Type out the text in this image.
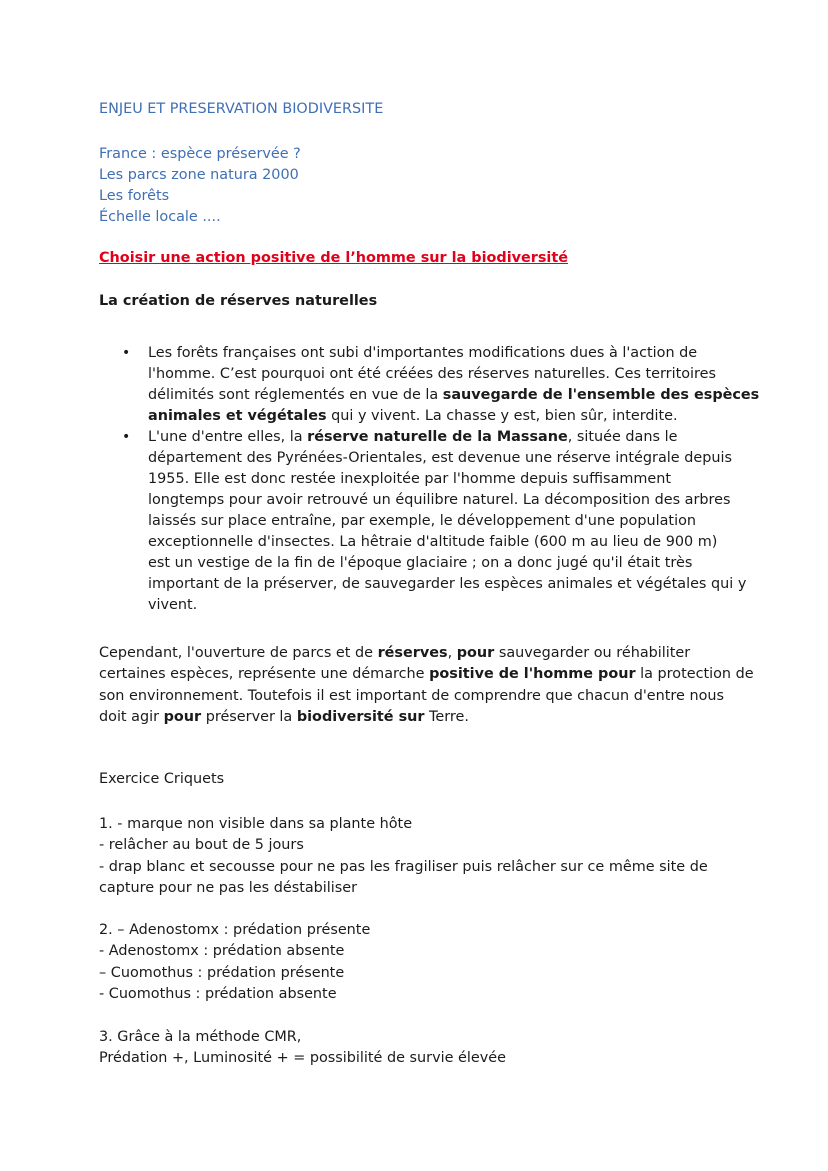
ENJEU ET PRESERVATION BIODIVERSITE
France : espèce préservée ?
Les parcs zone natura 2000
Les forêts
Échelle locale ....
Choisir une action positive de l’homme sur la biodiversité
La création de réserves naturelles
• Les forêts françaises ont subi d'importantes modifications dues à l'action de
l'homme. C’est pourquoi ont été créées des réserves naturelles. Ces territoires
délimités sont réglementés en vue de la sauvegarde de l'ensemble des espèces
animales et végétales qui y vivent. La chasse y est, bien sûr, interdite.
• L'une d'entre elles, la réserve naturelle de la Massane, située dans le
département des Pyrénées-Orientales, est devenue une réserve intégrale depuis
1955. Elle est donc restée inexploitée par l'homme depuis suffisamment
longtemps pour avoir retrouvé un équilibre naturel. La décomposition des arbres
laissés sur place entraîne, par exemple, le développement d'une population
exceptionnelle d'insectes. La hêtraie d'altitude faible (600 m au lieu de 900 m)
est un vestige de la fin de l'époque glaciaire ; on a donc jugé qu'il était très
important de la préserver, de sauvegarder les espèces animales et végétales qui y
vivent.
Cependant, l'ouverture de parcs et de réserves, pour sauvegarder ou réhabiliter
certaines espèces, représente une démarche positive de l'homme pour la protection de
son environnement. Toutefois il est important de comprendre que chacun d'entre nous
doit agir pour préserver la biodiversité sur Terre.
Exercice Criquets
1. - marque non visible dans sa plante hôte
- relâcher au bout de 5 jours
- drap blanc et secousse pour ne pas les fragiliser puis relâcher sur ce même site de
capture pour ne pas les déstabiliser
2. – Adenostomx : prédation présente
- Adenostomx : prédation absente
– Cuomothus : prédation présente
- Cuomothus : prédation absente
3. Grâce à la méthode CMR,
Prédation +, Luminosité + = possibilité de survie élevée
